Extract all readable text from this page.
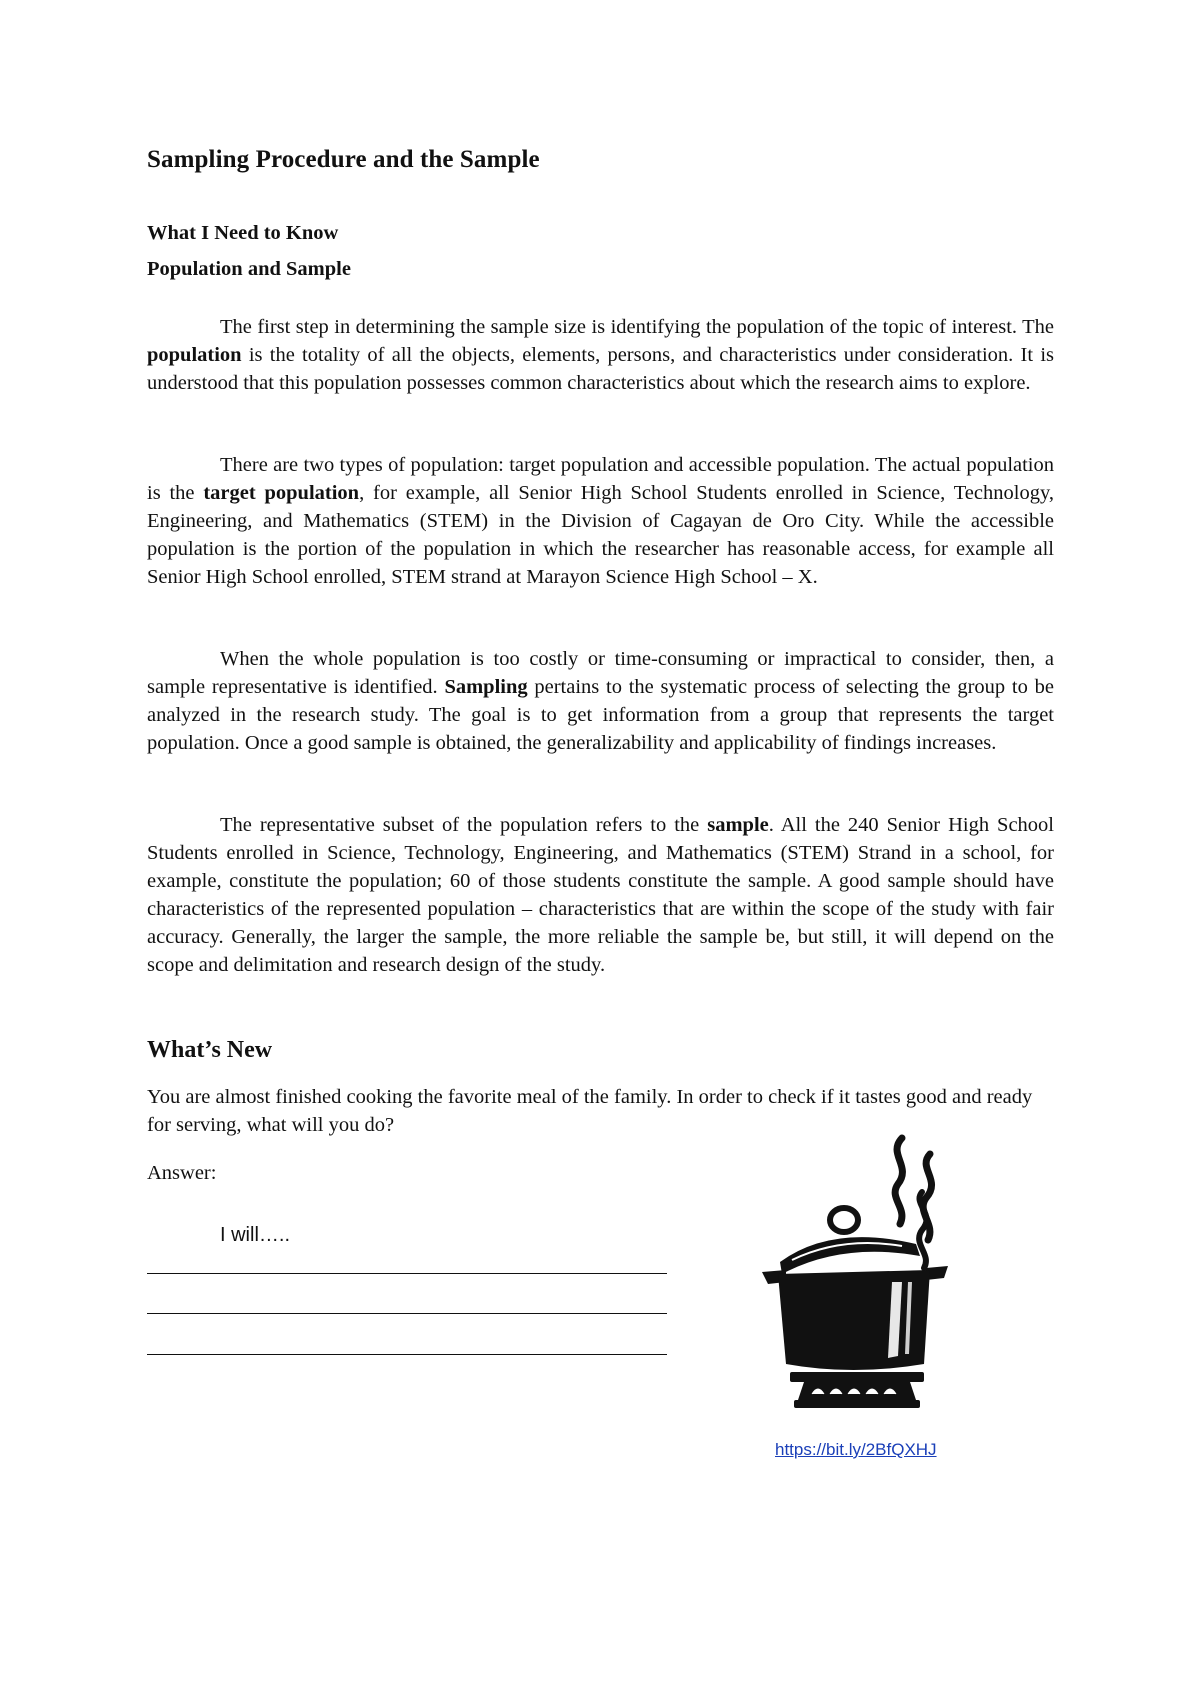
Sampling Procedure and the Sample
What I Need to Know
Population and Sample

The first step in determining the sample size is identifying the population of the topic of interest. The population is the totality of all the objects, elements, persons, and characteristics under consideration. It is understood that this population possesses common characteristics about which the research aims to explore.

There are two types of population: target population and accessible population. The actual population is the target population, for example, all Senior High School Students enrolled in Science, Technology, Engineering, and Mathematics (STEM) in the Division of Cagayan de Oro City. While the accessible population is the portion of the population in which the researcher has reasonable access, for example all Senior High School enrolled, STEM strand at Marayon Science High School – X.

When the whole population is too costly or time-consuming or impractical to consider, then, a sample representative is identified. Sampling pertains to the systematic process of selecting the group to be analyzed in the research study. The goal is to get information from a group that represents the target population. Once a good sample is obtained, the generalizability and applicability of findings increases.

The representative subset of the population refers to the sample. All the 240 Senior High School Students enrolled in Science, Technology, Engineering, and Mathematics (STEM) Strand in a school, for example, constitute the population; 60 of those students constitute the sample. A good sample should have characteristics of the represented population – characteristics that are within the scope of the study with fair accuracy. Generally, the larger the sample, the more reliable the sample be, but still, it will depend on the scope and delimitation and research design of the study.

What’s New

You are almost finished cooking the favorite meal of the family. In order to check if it tastes good and ready for serving, what will you do?

Answer:
I will…..
https://bit.ly/2BfQXHJ
